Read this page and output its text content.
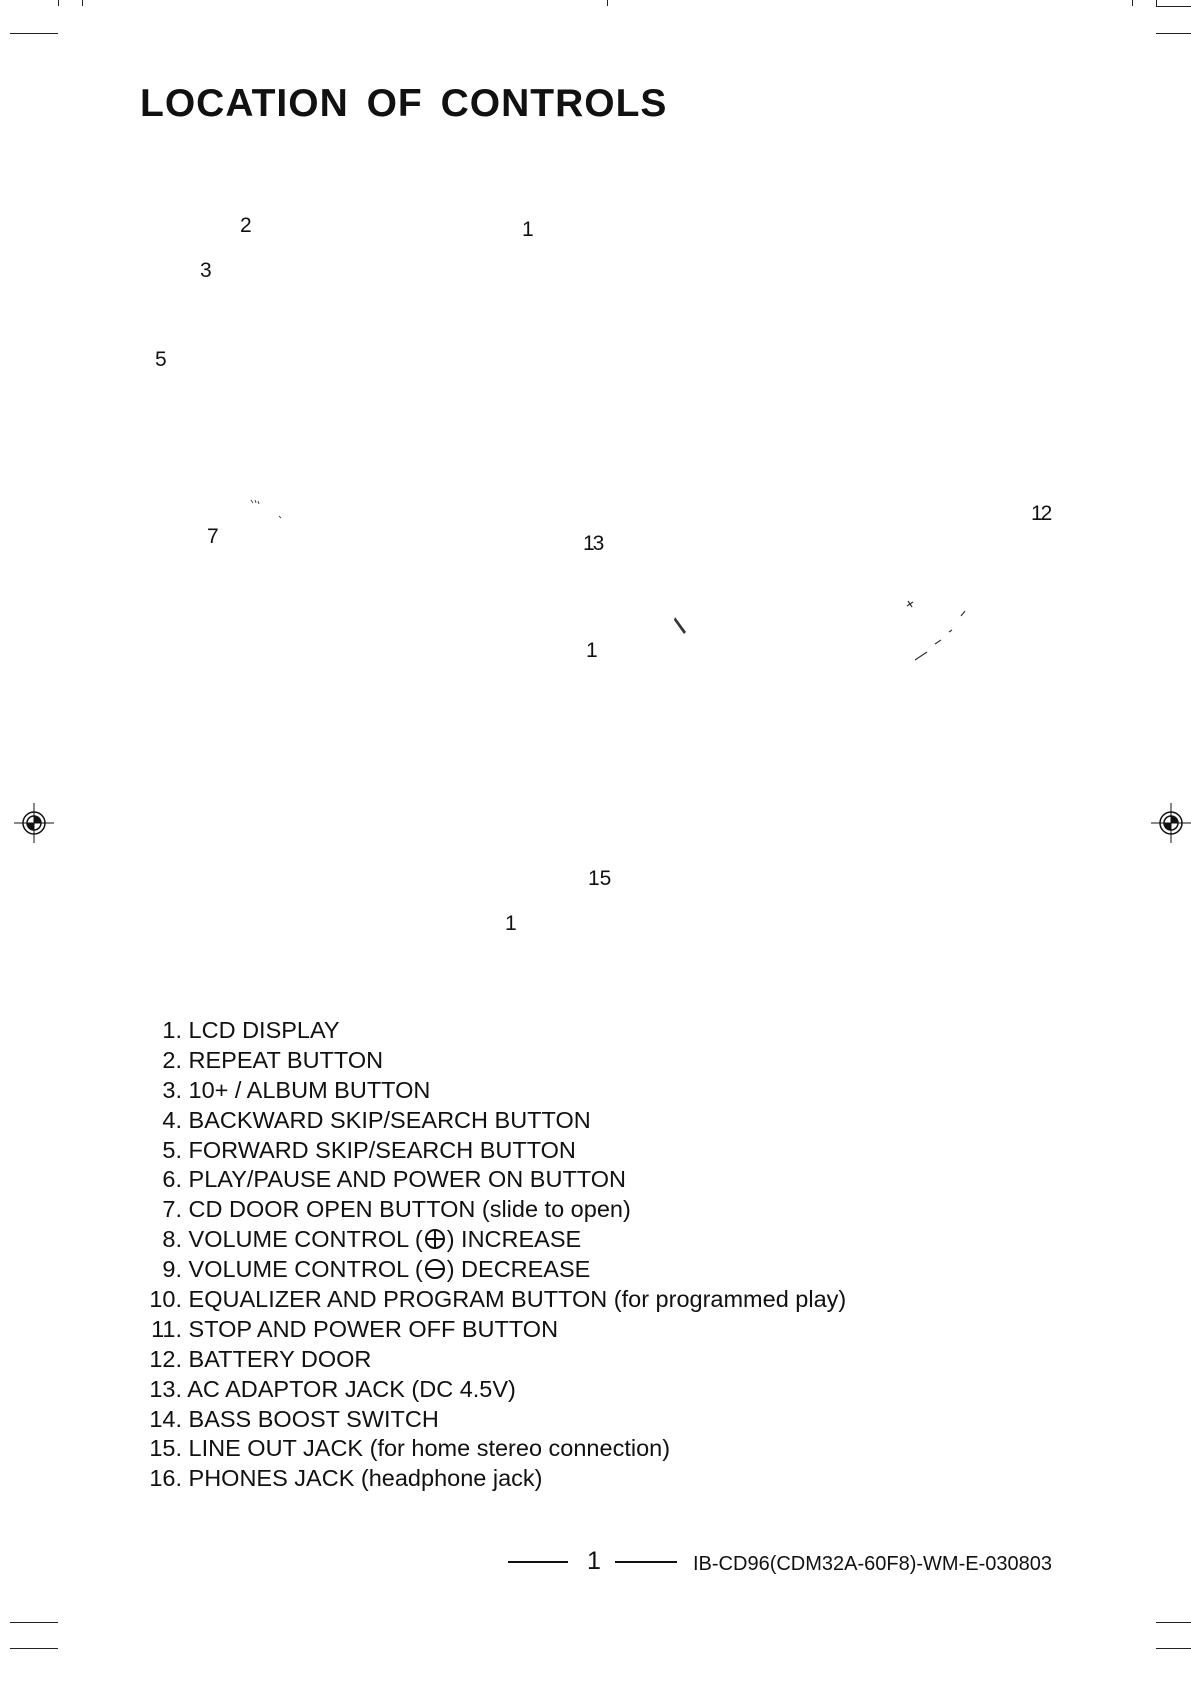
LOCATION OF CONTROLS
2	1
3
5
7	13
12
1
15
1
1. LCD DISPLAY
2. REPEAT BUTTON
3. 10+ / ALBUM BUTTON
4. BACKWARD SKIP/SEARCH BUTTON
5. FORWARD SKIP/SEARCH BUTTON
6. PLAY/PAUSE AND POWER ON BUTTON
7. CD DOOR OPEN BUTTON (slide to open)
8. VOLUME CONTROL ( ) INCREASE
9. VOLUME CONTROL ( ) DECREASE
10. EQUALIZER AND PROGRAM BUTTON (for programmed play)
11. STOP AND POWER OFF BUTTON
12. BATTERY DOOR
13. AC ADAPTOR JACK (DC 4.5V)
14. BASS BOOST SWITCH
15. LINE OUT JACK (for home stereo connection)
16. PHONES JACK (headphone jack)
1	IB-CD96(CDM32A-60F8)-WM-E-030803
